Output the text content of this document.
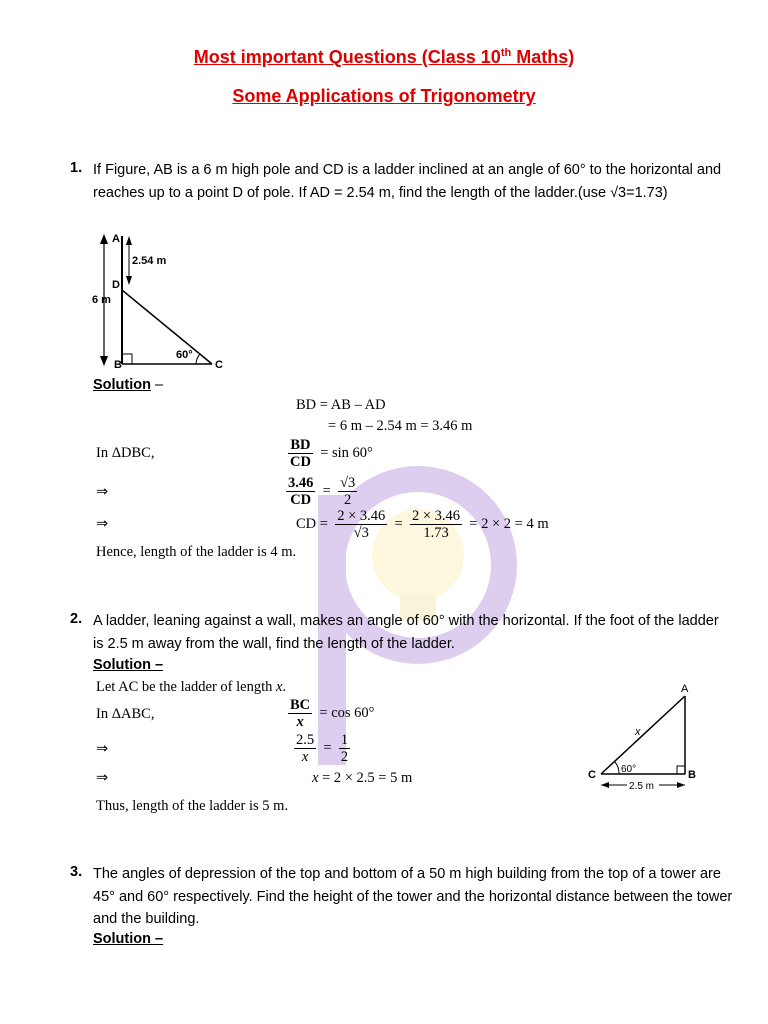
Most important Questions (Class 10th Maths)
Some Applications of Trigonometry
1. If Figure, AB is a 6 m high pole and CD is a ladder inclined at an angle of 60° to the horizontal and reaches up to a point D of pole. If AD = 2.54 m, find the length of the ladder.(use √3=1.73)
A
D
2.54 m
6 m
B
60°
C
Solution –
BD = AB – AD
= 6 m – 2.54 m = 3.46 m
In ΔDBC,	$\frac{BD}{CD} = \sin 60^\circ$
⇒	$\frac{3.46}{CD} = \frac{√3}{2}$
⇒	CD = $\frac{2 \times 3.46}{√3} = \frac{2 \times 3.46}{1.73} = 2 \times 2 = 4$ m
Hence, length of the ladder is 4 m.
2. A ladder, leaning against a wall, makes an angle of 60° with the horizontal. If the foot of the ladder is 2.5 m away from the wall, find the length of the ladder.
Solution –
Let AC be the ladder of length x.
In ΔABC,	$\frac{BC}{x} = \cos 60^\circ$
⇒	$\frac{2.5}{x} = \frac{1}{2}$
⇒	x = 2 × 2.5 = 5 m
Thus, length of the ladder is 5 m.
A
x
60°
C	B
2.5 m
3. The angles of depression of the top and bottom of a 50 m high building from the top of a tower are 45° and 60° respectively. Find the height of the tower and the horizontal distance between the tower and the building.
Solution –
